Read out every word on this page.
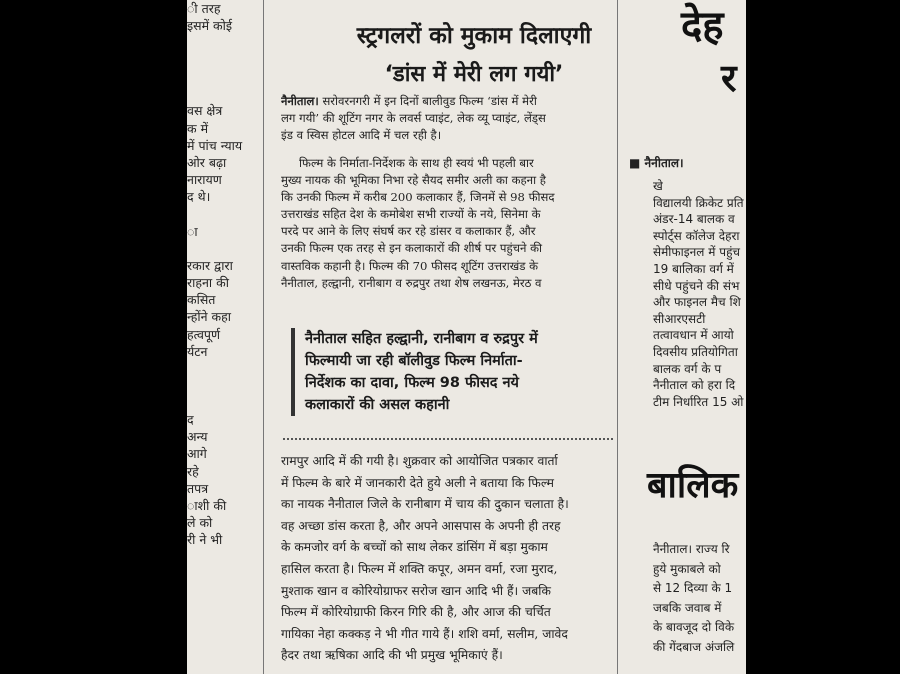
ी तरह
इसमें कोई
वस क्षेत्र
क में
में पांच न्याय
ओर बढ़ा
नारायण
द थे।
ा
रकार द्वारा
राहना की
कसित
न्होंने कहा
हत्वपूर्ण
र्यटन
द
अन्य
आगे
रहे
तपत्र
ाशी की
ले को
री ने भी
स्ट्रगलरों को मुकाम दिलाएगी
‘डांस में मेरी लग गयी’
नैनीताल। सरोवरनगरी में इन दिनों बालीवुड फिल्म ‘डांस में मेरी
लग गयी’ की शूटिंग नगर के लवर्स प्वाइंट, लेक व्यू प्वाइंट, लेंड्स
इंड व स्विस होटल आदि में चल रही है।
फिल्म के निर्माता-निर्देशक के साथ ही स्वयं भी पहली बार
मुख्य नायक की भूमिका निभा रहे सैयद समीर अली का कहना है
कि उनकी फिल्म में करीब 200 कलाकार हैं, जिनमें से 98 फीसद
उत्तराखंड सहित देश के कमोबेश सभी राज्यों के नये, सिनेमा के
परदे पर आने के लिए संघर्ष कर रहे डांसर व कलाकार हैं, और
उनकी फिल्म एक तरह से इन कलाकारों की शीर्ष पर पहुंचने की
वास्तविक कहानी है। फिल्म की 70 फीसद शूटिंग उत्तराखंड के
नैनीताल, हल्द्वानी, रानीबाग व रुद्रपुर तथा शेष लखनऊ, मेरठ व
नैनीताल सहित हल्द्वानी, रानीबाग व रुद्रपुर में
फिल्मायी जा रही बॉलीवुड फिल्म निर्माता-
निर्देशक का दावा, फिल्म 98 फीसद नये
कलाकारों की असल कहानी
रामपुर आदि में की गयी है। शुक्रवार को आयोजित पत्रकार वार्ता
में फिल्म के बारे में जानकारी देते हुये अली ने बताया कि फिल्म
का नायक नैनीताल जिले के रानीबाग में चाय की दुकान चलाता है।
वह अच्छा डांस करता है, और अपने आसपास के अपनी ही तरह
के कमजोर वर्ग के बच्चों को साथ लेकर डांसिंग में बड़ा मुकाम
हासिल करता है। फिल्म में शक्ति कपूर, अमन वर्मा, रजा मुराद,
मुश्ताक खान व कोरियोग्राफर सरोज खान आदि भी हैं। जबकि
फिल्म में कोरियोग्राफी किरन गिरि की है, और आज की चर्चित
गायिका नेहा कक्कड़ ने भी गीत गाये हैं। शशि वर्मा, सलीम, जावेद
हैदर तथा ऋषिका आदि की भी प्रमुख भूमिकाएं हैं।
देह
र
■ नैनीताल।
खे
विद्यालयी क्रिकेट प्रति
अंडर-14 बालक व
स्पोर्ट्स कॉलेज देहरा
सेमीफाइनल में पहुंच
19 बालिका वर्ग में
सीधे पहुंचने की संभ
और फाइनल मैच शि
सीआरएसटी
तत्वावधान में आयो
दिवसीय प्रतियोगिता
बालक वर्ग के प
नैनीताल को हरा दि
टीम निर्धारित 15 ओ
बालिक
नैनीताल। राज्य रि
हुये मुकाबले को
से 12 दिव्या के 1
जबकि जवाब में
के बावजूद दो विके
की गेंदबाज अंजलि
